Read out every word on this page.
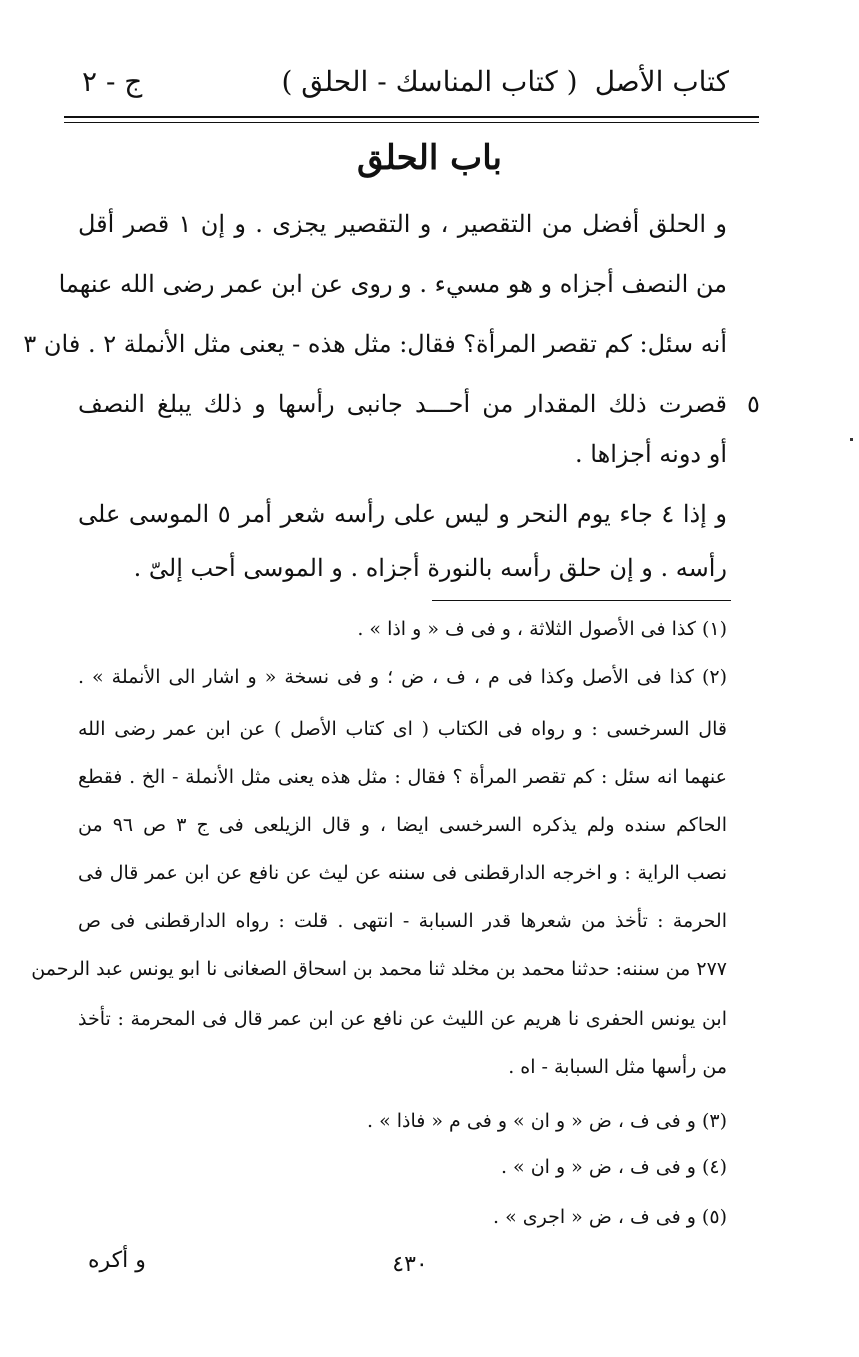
كتاب الأصل
( كتاب المناسك - الحلق )
ج - ٢
باب الحلق
و الحلق أفضل من التقصير ، و التقصير يجزى . و إن ١ قصر أقل
من النصف أجزاه و هو مسيء . و روى عن ابن عمر رضى الله عنهما
أنه سئل: كم تقصر المرأة؟ فقال: مثل هذه - يعنى مثل الأنملة ٢ . فان ٣
قصرت ذلك المقدار من أحـــد جانبى رأسها و ذلك يبلغ النصف
أو دونه أجزاها .
و إذا ٤ جاء يوم النحر و ليس على رأسه شعر أمر ٥ الموسى على
رأسه . و إن حلق رأسه بالنورة أجزاه . و الموسى أحب إلىّ .
٥
(١) كذا فى الأصول الثلاثة ، و فى ف « و اذا » .
(٢) كذا فى الأصل وكذا فى م ، ف ، ض ؛ و فى نسخة « و اشار الى الأنملة » .
قال السرخسى : و رواه فى الكتاب ( اى كتاب الأصل ) عن ابن عمر رضى الله
عنهما انه سئل : كم تقصر المرأة ؟ فقال : مثل هذه يعنى مثل الأنملة - الخ . فقطع
الحاكم سنده ولم يذكره السرخسى ايضا ، و قال الزيلعى فى ج ٣ ص ٩٦ من
نصب الراية : و اخرجه الدارقطنى فى سننه عن ليث عن نافع عن ابن عمر قال فى
الحرمة : تأخذ من شعرها قدر السبابة - انتهى . قلت : رواه الدارقطنى فى ص
٢٧٧ من سننه: حدثنا محمد بن مخلد ثنا محمد بن اسحاق الصغانى نا ابو يونس عبد الرحمن
ابن يونس الحفرى نا هريم عن الليث عن نافع عن ابن عمر قال فى المحرمة : تأخذ
من رأسها مثل السبابة - اه .
(٣) و فى ف ، ض « و ان » و فى م « فاذا » .
(٤) و فى ف ، ض « و ان » .
(٥) و فى ف ، ض « اجرى » .
و أكره	٤٣٠
